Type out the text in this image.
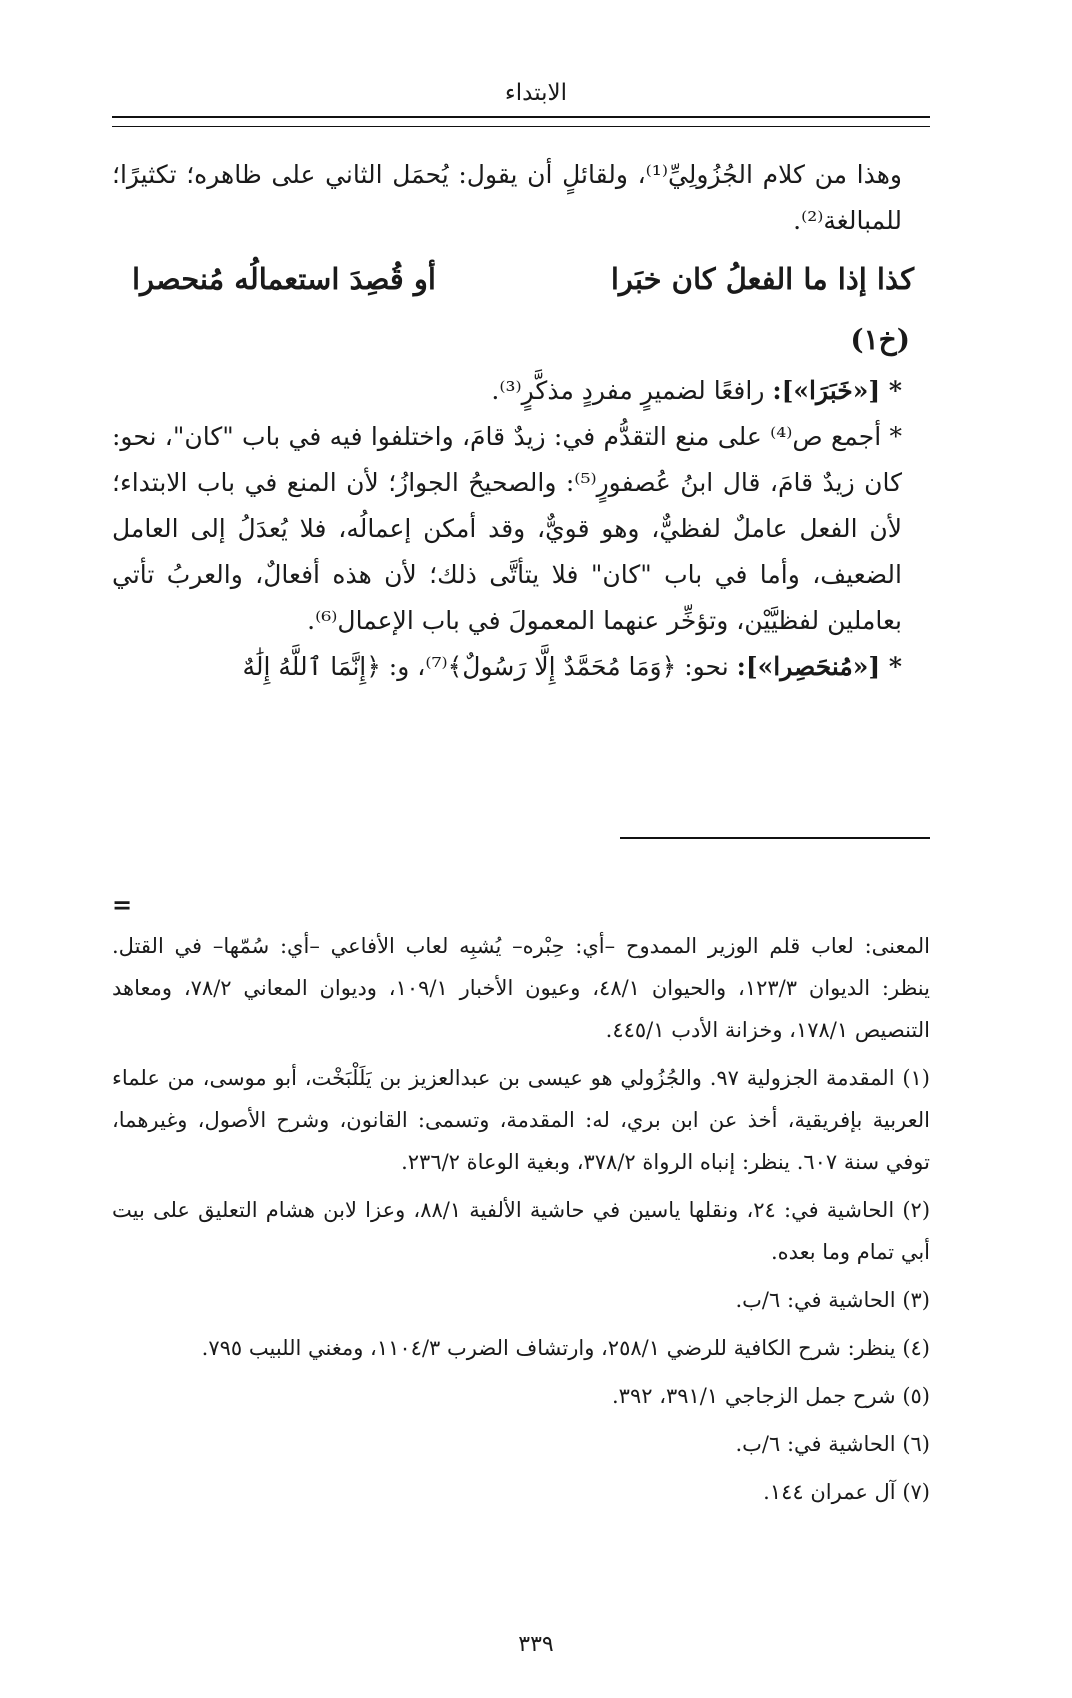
الابتداء

وهذا من كلام الجُزُولِيِّ⁽¹⁾، ولقائلٍ أن يقول: يُحمَل الثاني على ظاهره؛ تكثيرًا؛ للمبالغة⁽²⁾.

كذا إذا ما الفعلُ كان خبَرا
أو قُصِدَ استعمالُه مُنحصرا
(خ١)

* [«خَبَرَا»]: رافعًا لضميرٍ مفردٍ مذكَّرٍ⁽³⁾.

* أجمع ص⁽⁴⁾ على منع التقدُّم في: زيدٌ قامَ، واختلفوا فيه في باب "كان"، نحو: كان زيدٌ قامَ، قال ابنُ عُصفورٍ⁽⁵⁾: والصحيحُ الجوازُ؛ لأن المنع في باب الابتداء؛ لأن الفعل عاملٌ لفظيٌّ، وهو قويٌّ، وقد أمكن إعمالُه، فلا يُعدَلُ إلى العامل الضعيف، وأما في باب "كان" فلا يتأتَّى ذلك؛ لأن هذه أفعالٌ، والعربُ تأتي بعاملين لفظيَّيْن، وتؤخِّر عنهما المعمولَ في باب الإعمال⁽⁶⁾.

* [«مُنحَصِرا»]: نحو: ﴿وَمَا مُحَمَّدٌ إِلَّا رَسُولٌ﴾⁽⁷⁾، و: ﴿إِنَّمَا ٱللَّهُ إِلَٰهٌ

=

المعنى: لعاب قلم الوزير الممدوح –أي: حِبْره– يُشبِه لعاب الأفاعي –أي: سُمّها– في القتل. ينظر: الديوان ١٢٣/٣، والحيوان ٤٨/١، وعيون الأخبار ١٠٩/١، وديوان المعاني ٧٨/٢، ومعاهد التنصيص ١٧٨/١، وخزانة الأدب ٤٤٥/١.

(١) المقدمة الجزولية ٩٧. والجُزُولي هو عيسى بن عبدالعزيز بن يَلَلْبَخْت، أبو موسى، من علماء العربية بإفريقية، أخذ عن ابن بري، له: المقدمة، وتسمى: القانون، وشرح الأصول، وغيرهما، توفي سنة ٦٠٧. ينظر: إنباه الرواة ٣٧٨/٢، وبغية الوعاة ٢٣٦/٢.

(٢) الحاشية في: ٢٤، ونقلها ياسين في حاشية الألفية ٨٨/١، وعزا لابن هشام التعليق على بيت أبي تمام وما بعده.

(٣) الحاشية في: ٦/ب.

(٤) ينظر: شرح الكافية للرضي ٢٥٨/١، وارتشاف الضرب ١١٠٤/٣، ومغني اللبيب ٧٩٥.

(٥) شرح جمل الزجاجي ٣٩١/١، ٣٩٢.

(٦) الحاشية في: ٦/ب.

(٧) آل عمران ١٤٤.

٣٣٩
